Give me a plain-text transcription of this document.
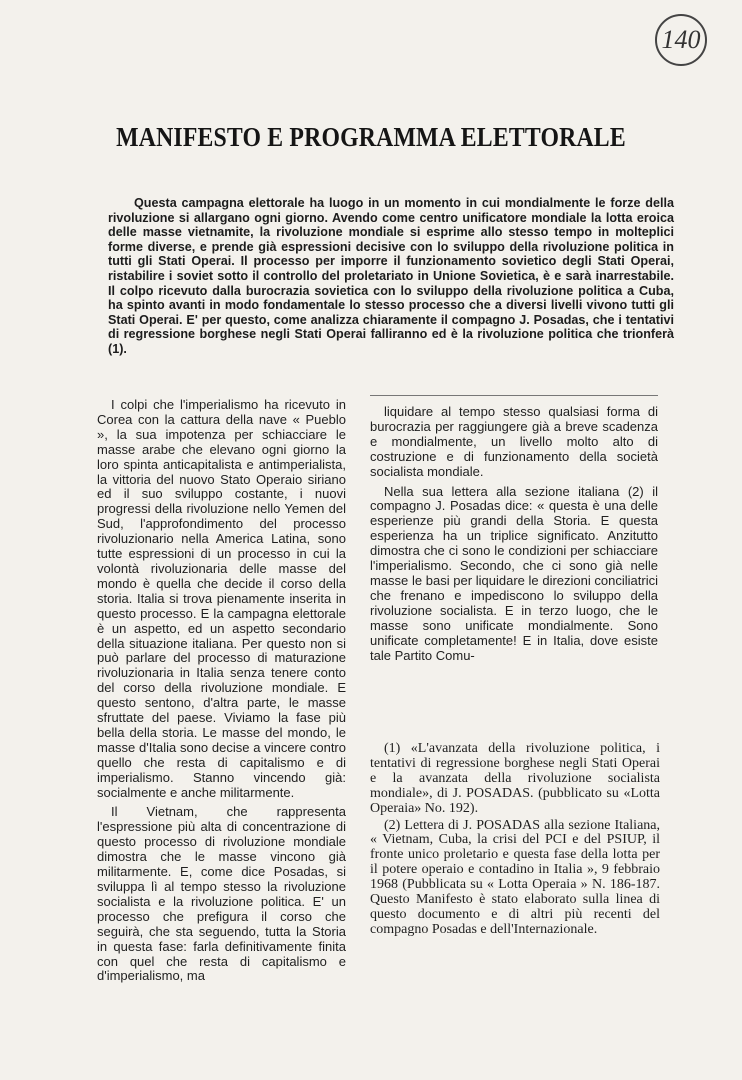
140
MANIFESTO E PROGRAMMA ELETTORALE

Questa campagna elettorale ha luogo in un momento in cui mondialmente le forze della rivoluzione si allargano ogni giorno. Avendo come centro unificatore mondiale la lotta eroica delle masse vietnamite, la rivoluzione mondiale si esprime allo stesso tempo in molteplici forme diverse, e prende già espressioni decisive con lo sviluppo della rivoluzione politica in tutti gli Stati Operai. Il processo per imporre il funzionamento sovietico degli Stati Operai, ristabilire i soviet sotto il controllo del proletariato in Unione Sovietica, è e sarà inarrestabile. Il colpo ricevuto dalla burocrazia sovietica con lo sviluppo della rivoluzione politica a Cuba, ha spinto avanti in modo fondamentale lo stesso processo che a diversi livelli vivono tutti gli Stati Operai. E' per questo, come analizza chiaramente il compagno J. Posadas, che i tentativi di regressione borghese negli Stati Operai falliranno ed è la rivoluzione politica che trionferà (1).

I colpi che l'imperialismo ha ricevuto in Corea con la cattura della nave « Pueblo », la sua impotenza per schiacciare le masse arabe che elevano ogni giorno la loro spinta anticapitalista e antimperialista, la vittoria del nuovo Stato Operaio siriano ed il suo sviluppo costante, i nuovi progressi della rivoluzione nello Yemen del Sud, l'approfondimento del processo rivoluzionario nella America Latina, sono tutte espressioni di un processo in cui la volontà rivoluzionaria delle masse del mondo è quella che decide il corso della storia. Italia si trova pienamente inserita in questo processo. E la campagna elettorale è un aspetto, ed un aspetto secondario della situazione italiana. Per questo non si può parlare del processo di maturazione rivoluzionaria in Italia senza tenere conto del corso della rivoluzione mondiale. E questo sentono, d'altra parte, le masse sfruttate del paese. Viviamo la fase più bella della storia. Le masse del mondo, le masse d'Italia sono decise a vincere contro quello che resta di capitalismo e di imperialismo. Stanno vincendo già: socialmente e anche militarmente.

Il Vietnam, che rappresenta l'espressione più alta di concentrazione di questo processo di rivoluzione mondiale dimostra che le masse vincono già militarmente. E, come dice Posadas, si sviluppa lì al tempo stesso la rivoluzione socialista e la rivoluzione politica. E' un processo che prefigura il corso che seguirà, che sta seguendo, tutta la Storia in questa fase: farla definitivamente finita con quel che resta di capitalismo e d'imperialismo, ma

liquidare al tempo stesso qualsiasi forma di burocrazia per raggiungere già a breve scadenza e mondialmente, un livello molto alto di costruzione e di funzionamento della società socialista mondiale.

Nella sua lettera alla sezione italiana (2) il compagno J. Posadas dice: « questa è una delle esperienze più grandi della Storia. E questa esperienza ha un triplice significato. Anzitutto dimostra che ci sono le condizioni per schiacciare l'imperialismo. Secondo, che ci sono già nelle masse le basi per liquidare le direzioni conciliatrici che frenano e impediscono lo sviluppo della rivoluzione socialista. E in terzo luogo, che le masse sono unificate mondialmente. Sono unificate completamente! E in Italia, dove esiste tale Partito Comu-

(1) «L'avanzata della rivoluzione politica, i tentativi di regressione borghese negli Stati Operai e la avanzata della rivoluzione socialista mondiale», di J. POSADAS. (pubblicato su «Lotta Operaia» No. 192).

(2) Lettera di J. POSADAS alla sezione Italiana, « Vietnam, Cuba, la crisi del PCI e del PSIUP, il fronte unico proletario e questa fase della lotta per il potere operaio e contadino in Italia », 9 febbraio 1968 (Pubblicata su « Lotta Operaia » N. 186-187. Questo Manifesto è stato elaborato sulla linea di questo documento e di altri più recenti del compagno Posadas e dell'Internazionale.
